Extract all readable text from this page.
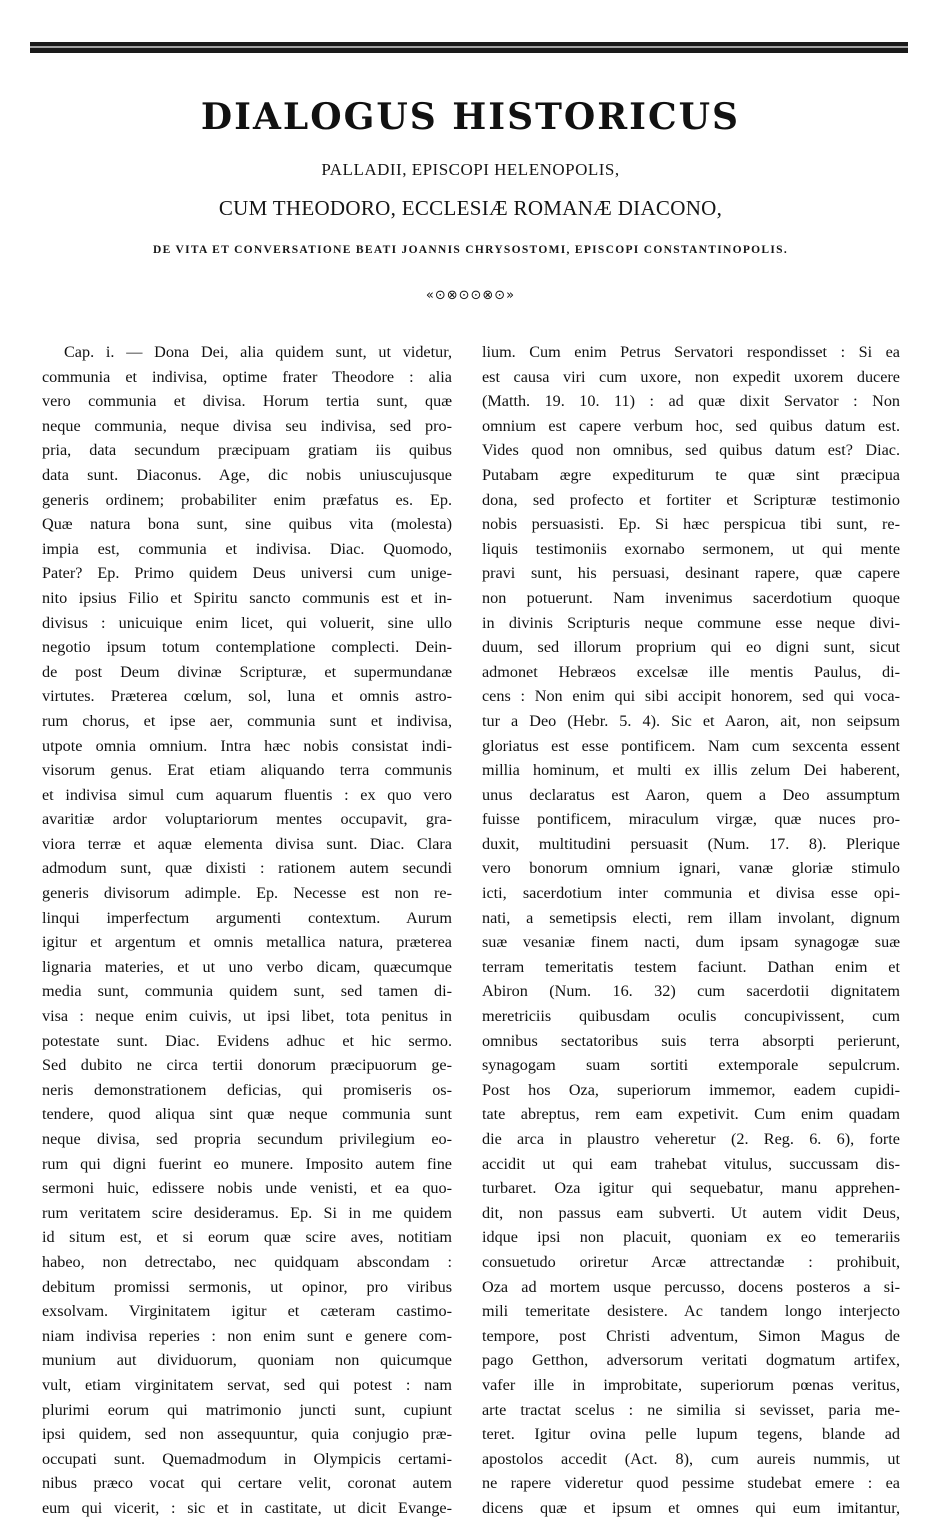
DIALOGUS HISTORICUS
PALLADII, EPISCOPI HELENOPOLIS,
CUM THEODORO, ECCLESIÆ ROMANÆ DIACONO,
DE VITA ET CONVERSATIONE BEATI JOANNIS CHRYSOSTOMI, EPISCOPI CONSTANTINOPOLIS.
«⊙⊗⊙⊙⊗⊙»
Cap. i. — Dona Dei, alia quidem sunt, ut videtur,
communia et indivisa, optime frater Theodore : alia
vero communia et divisa. Horum tertia sunt, quæ
neque communia, neque divisa seu indivisa, sed pro-
pria, data secundum præcipuam gratiam iis quibus
data sunt. Diaconus. Age, dic nobis uniuscujusque
generis ordinem; probabiliter enim præfatus es. Ep.
Quæ natura bona sunt, sine quibus vita (molesta)
impia est, communia et indivisa. Diac. Quomodo,
Pater? Ep. Primo quidem Deus universi cum unige-
nito ipsius Filio et Spiritu sancto communis est et in-
divisus : unicuique enim licet, qui voluerit, sine ullo
negotio ipsum totum contemplatione complecti. Dein-
de post Deum divinæ Scripturæ, et supermundanæ
virtutes. Præterea cœlum, sol, luna et omnis astro-
rum chorus, et ipse aer, communia sunt et indivisa,
utpote omnia omnium. Intra hæc nobis consistat indi-
visorum genus. Erat etiam aliquando terra communis
et indivisa simul cum aquarum fluentis : ex quo vero
avaritiæ ardor voluptariorum mentes occupavit, gra-
viora terræ et aquæ elementa divisa sunt. Diac. Clara
admodum sunt, quæ dixisti : rationem autem secundi
generis divisorum adimple. Ep. Necesse est non re-
linqui imperfectum argumenti contextum. Aurum
igitur et argentum et omnis metallica natura, præterea
lignaria materies, et ut uno verbo dicam, quæcumque
media sunt, communia quidem sunt, sed tamen di-
visa : neque enim cuivis, ut ipsi libet, tota penitus in
potestate sunt. Diac. Evidens adhuc et hic sermo.
Sed dubito ne circa tertii donorum præcipuorum ge-
neris demonstrationem deficias, qui promiseris os-
tendere, quod aliqua sint quæ neque communia sunt
neque divisa, sed propria secundum privilegium eo-
rum qui digni fuerint eo munere. Imposito autem fine
sermoni huic, edissere nobis unde venisti, et ea quo-
rum veritatem scire desideramus. Ep. Si in me quidem
id situm est, et si eorum quæ scire aves, notitiam
habeo, non detrectabo, nec quidquam abscondam :
debitum promissi sermonis, ut opinor, pro viribus
exsolvam. Virginitatem igitur et cæteram castimo-
niam indivisa reperies : non enim sunt e genere com-
munium aut dividuorum, quoniam non quicumque
vult, etiam virginitatem servat, sed qui potest : nam
plurimi eorum qui matrimonio juncti sunt, cupiunt
ipsi quidem, sed non assequuntur, quia conjugio præ-
occupati sunt. Quemadmodum in Olympicis certami-
nibus præco vocat qui certare velit, coronat autem
eum qui vicerit, : sic et in castitate, ut dicit Evange-
lium. Cum enim Petrus Servatori respondisset : Si ea
est causa viri cum uxore, non expedit uxorem ducere
(Matth. 19. 10. 11) : ad quæ dixit Servator : Non
omnium est capere verbum hoc, sed quibus datum est.
Vides quod non omnibus, sed quibus datum est? Diac.
Putabam ægre expediturum te quæ sint præcipua
dona, sed profecto et fortiter et Scripturæ testimonio
nobis persuasisti. Ep. Si hæc perspicua tibi sunt, re-
liquis testimoniis exornabo sermonem, ut qui mente
pravi sunt, his persuasi, desinant rapere, quæ capere
non potuerunt. Nam invenimus sacerdotium quoque
in divinis Scripturis neque commune esse neque divi-
duum, sed illorum proprium qui eo digni sunt, sicut
admonet Hebræos excelsæ ille mentis Paulus, di-
cens : Non enim qui sibi accipit honorem, sed qui voca-
tur a Deo (Hebr. 5. 4). Sic et Aaron, ait, non seipsum
gloriatus est esse pontificem. Nam cum sexcenta essent
millia hominum, et multi ex illis zelum Dei haberent,
unus declaratus est Aaron, quem a Deo assumptum
fuisse pontificem, miraculum virgæ, quæ nuces pro-
duxit, multitudini persuasit (Num. 17. 8). Plerique
vero bonorum omnium ignari, vanæ gloriæ stimulo
icti, sacerdotium inter communia et divisa esse opi-
nati, a semetipsis electi, rem illam involant, dignum
suæ vesaniæ finem nacti, dum ipsam synagogæ suæ
terram temeritatis testem faciunt. Dathan enim et
Abiron (Num. 16. 32) cum sacerdotii dignitatem
meretriciis quibusdam oculis concupivissent, cum
omnibus sectatoribus suis terra absorpti perierunt,
synagogam suam sortiti extemporale sepulcrum.
Post hos Oza, superiorum immemor, eadem cupidi-
tate abreptus, rem eam expetivit. Cum enim quadam
die arca in plaustro veheretur (2. Reg. 6. 6), forte
accidit ut qui eam trahebat vitulus, succussam dis-
turbaret. Oza igitur qui sequebatur, manu apprehen-
dit, non passus eam subverti. Ut autem vidit Deus,
idque ipsi non placuit, quoniam ex eo temerariis
consuetudo oriretur Arcæ attrectandæ : prohibuit,
Oza ad mortem usque percusso, docens posteros a si-
mili temeritate desistere. Ac tandem longo interjecto
tempore, post Christi adventum, Simon Magus de
pago Getthon, adversorum veritati dogmatum artifex,
vafer ille in improbitate, superiorum pœnas veritus,
arte tractat scelus : ne similia si sevisset, paria me-
teret. Igitur ovina pelle lupum tegens, blande ad
apostolos accedit (Act. 8), cum aureis nummis, ut
ne rapere videretur quod pessime studebat emere : ea
dicens quæ et ipsum et omnes qui eum imitantur,
